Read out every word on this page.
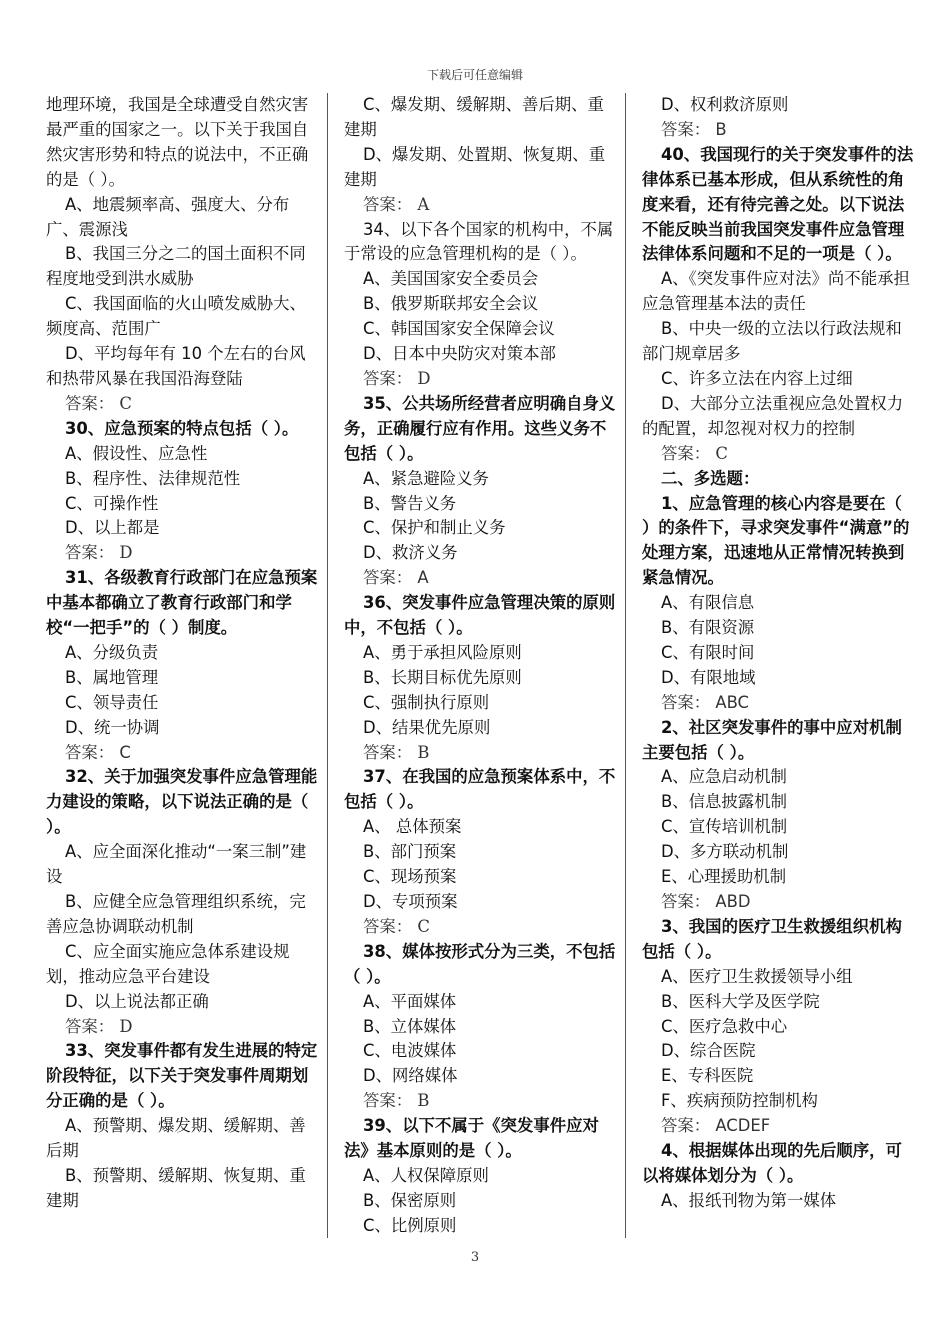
下载后可任意编辑

地理环境，我国是全球遭受自然灾害最严重的国家之一。以下关于我国自然灾害形势和特点的说法中，不正确的是（ ）。

A、地震频率高、强度大、分布广、震源浅

B、我国三分之二的国土面积不同程度地受到洪水威胁

C、我国面临的火山喷发威胁大、频度高、范围广

D、平均每年有 10 个左右的台风和热带风暴在我国沿海登陆

答案： C

30、应急预案的特点包括（ ）。

A、假设性、应急性

B、程序性、法律规范性

C、可操作性

D、以上都是

答案： D

31、各级教育行政部门在应急预案中基本都确立了教育行政部门和学校“一把手”的（ ）制度。

A、分级负责

B、属地管理

C、领导责任

D、统一协调

答案： C

32、关于加强突发事件应急管理能力建设的策略，以下说法正确的是（ ）。

A、应全面深化推动“一案三制”建设

B、应健全应急管理组织系统，完善应急协调联动机制

C、应全面实施应急体系建设规划，推动应急平台建设

D、以上说法都正确

答案： D

33、突发事件都有发生进展的特定阶段特征，以下关于突发事件周期划分正确的是（ ）。

A、预警期、爆发期、缓解期、善后期

B、预警期、缓解期、恢复期、重建期

C、爆发期、缓解期、善后期、重建期

D、爆发期、处置期、恢复期、重建期

答案： A

34、以下各个国家的机构中，不属于常设的应急管理机构的是（ ）。

A、美国国家安全委员会

B、俄罗斯联邦安全会议

C、韩国国家安全保障会议

D、日本中央防灾对策本部

答案： D

35、公共场所经营者应明确自身义务，正确履行应有作用。这些义务不包括（ ）。

A、紧急避险义务

B、警告义务

C、保护和制止义务

D、救济义务

答案： A

36、突发事件应急管理决策的原则中，不包括（ ）。

A、勇于承担风险原则

B、长期目标优先原则

C、强制执行原则

D、结果优先原则

答案： B

37、在我国的应急预案体系中，不包括（ ）。

A、 总体预案

B、部门预案

C、现场预案

D、专项预案

答案： C

38、媒体按形式分为三类，不包括（ ）。

A、平面媒体

B、立体媒体

C、电波媒体

D、网络媒体

答案： B

39、以下不属于《突发事件应对法》基本原则的是（ ）。

A、人权保障原则

B、保密原则

C、比例原则

D、权利救济原则

答案： B

40、我国现行的关于突发事件的法律体系已基本形成，但从系统性的角度来看，还有待完善之处。以下说法不能反映当前我国突发事件应急管理法律体系问题和不足的一项是（ ）。

A、《突发事件应对法》尚不能承担应急管理基本法的责任

B、中央一级的立法以行政法规和部门规章居多

C、许多立法在内容上过细

D、大部分立法重视应急处置权力的配置，却忽视对权力的控制

答案： C

二、多选题：

1、应急管理的核心内容是要在（ ）的条件下，寻求突发事件“满意”的处理方案，迅速地从正常情况转换到紧急情况。

A、有限信息

B、有限资源

C、有限时间

D、有限地域

答案： ABC

2、社区突发事件的事中应对机制主要包括（ ）。

A、应急启动机制

B、信息披露机制

C、宣传培训机制

D、多方联动机制

E、心理援助机制

答案： ABD

3、我国的医疗卫生救援组织机构包括（ ）。

A、医疗卫生救援领导小组

B、医科大学及医学院

C、医疗急救中心

D、综合医院

E、专科医院

F、疾病预防控制机构

答案： ACDEF

4、根据媒体出现的先后顺序，可以将媒体划分为（ ）。

A、报纸刊物为第一媒体

3
